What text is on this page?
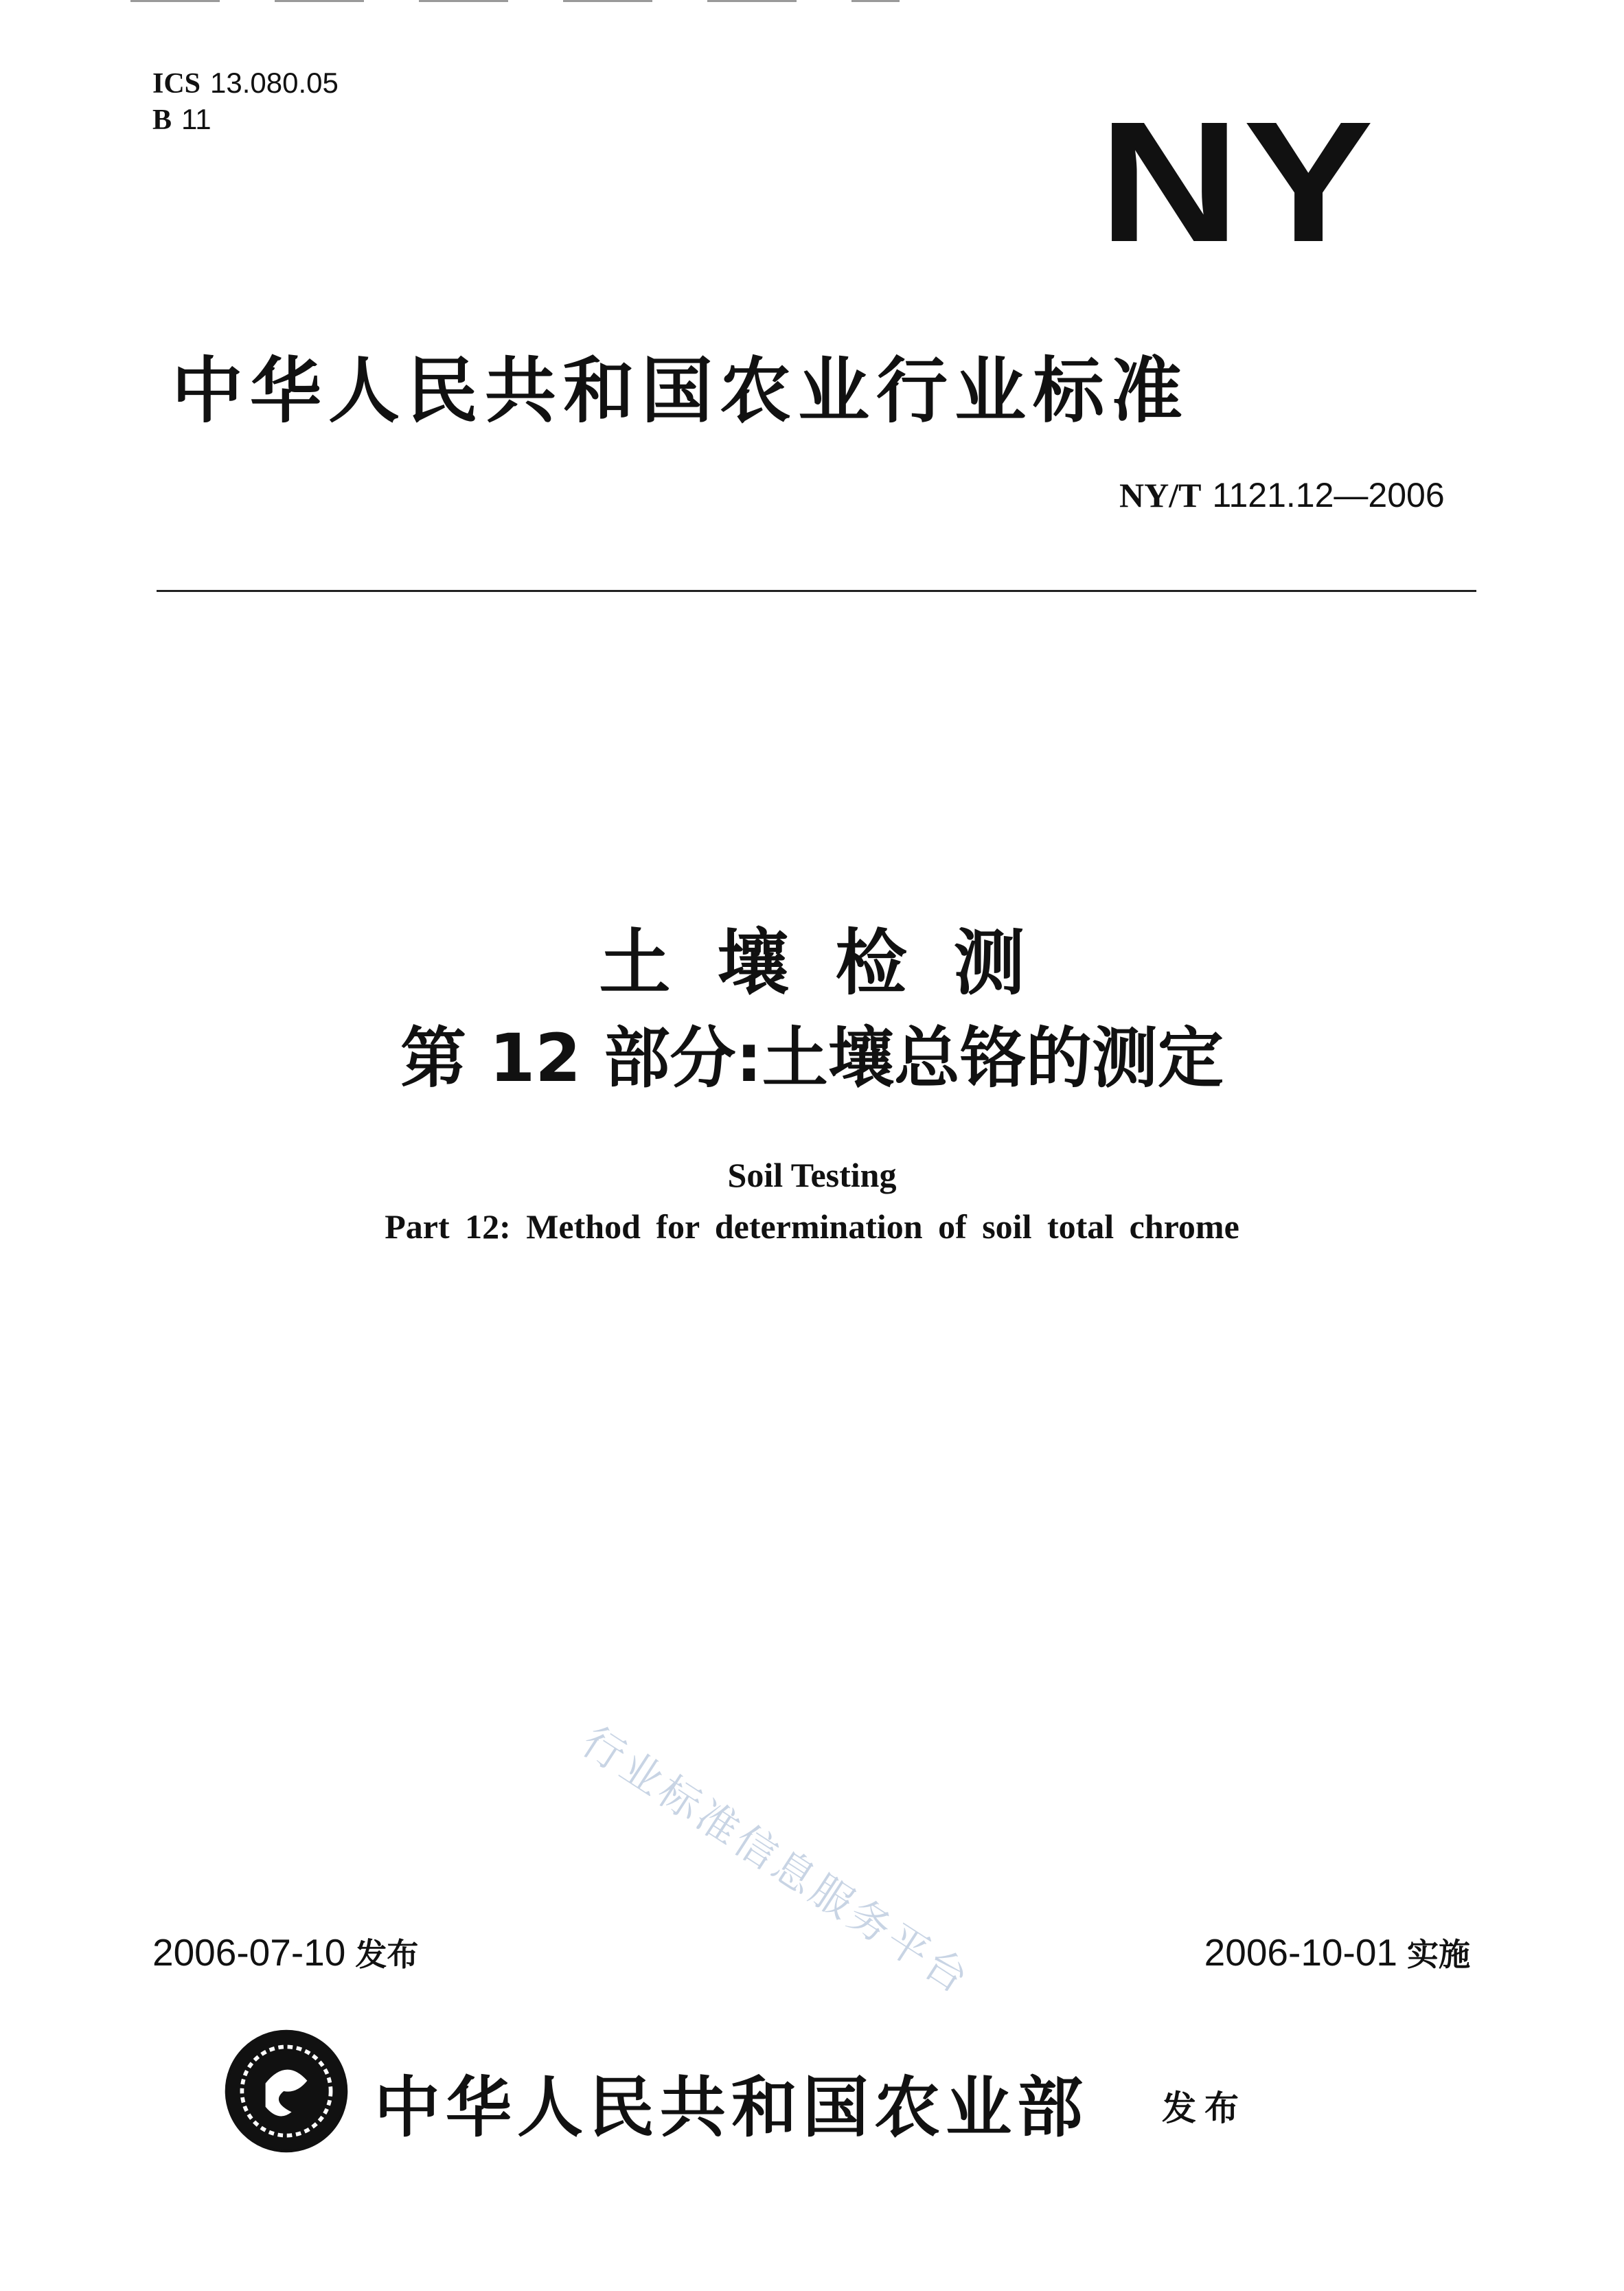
ICS 13.080.05
B 11	NY
中华人民共和国农业行业标准
NY/T 1121.12—2006
土壤检测
第 12 部分:土壤总铬的测定
Soil Testing
Part 12: Method for determination of soil total chrome
行业标准信息服务平台
2006-07-10 发布	2006-10-01 实施
中华人民共和国农业部 发布
